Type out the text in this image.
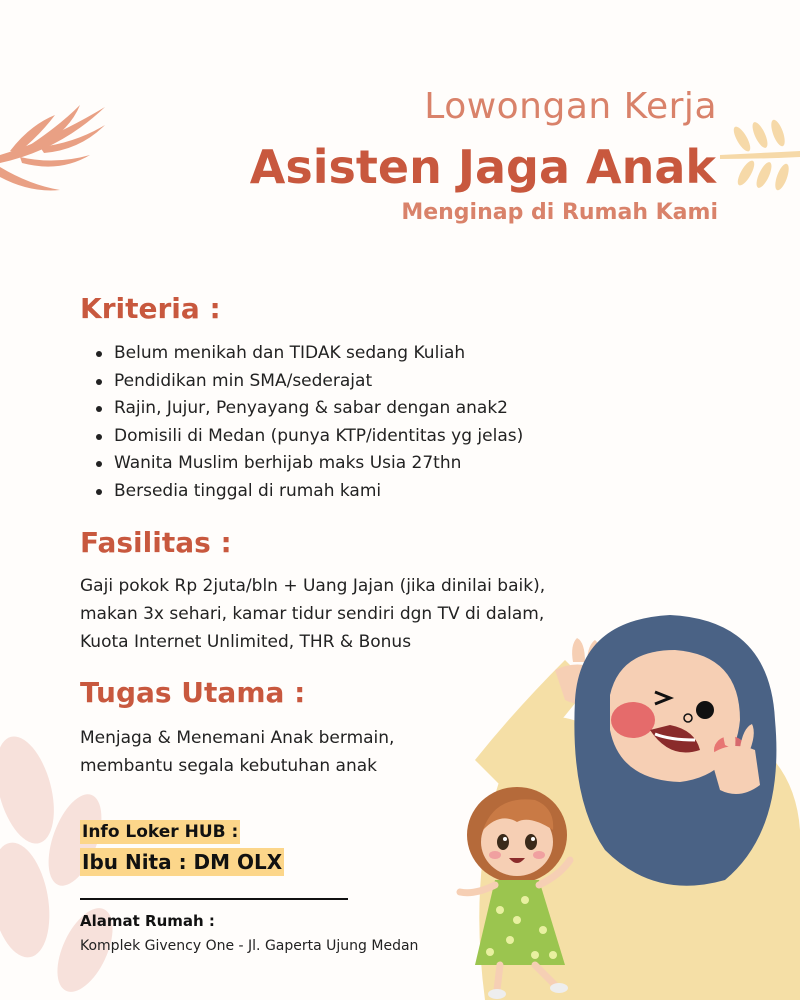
Lowongan Kerja
Asisten Jaga Anak
Menginap di Rumah Kami
Kriteria :
Belum menikah dan TIDAK sedang Kuliah
Pendidikan min SMA/sederajat
Rajin, Jujur, Penyayang & sabar dengan anak2
Domisili di Medan (punya KTP/identitas yg jelas)
Wanita Muslim berhijab maks Usia 27thn
Bersedia tinggal di rumah kami
Fasilitas :
Gaji pokok Rp 2juta/bln + Uang Jajan (jika dinilai baik), makan 3x sehari, kamar tidur sendiri dgn TV di dalam, Kuota Internet Unlimited, THR & Bonus
Tugas Utama :
Menjaga & Menemani Anak bermain, membantu segala kebutuhan anak
Info Loker HUB :
Ibu Nita : DM OLX
Alamat Rumah :
Komplek Givency One - Jl. Gaperta Ujung Medan
